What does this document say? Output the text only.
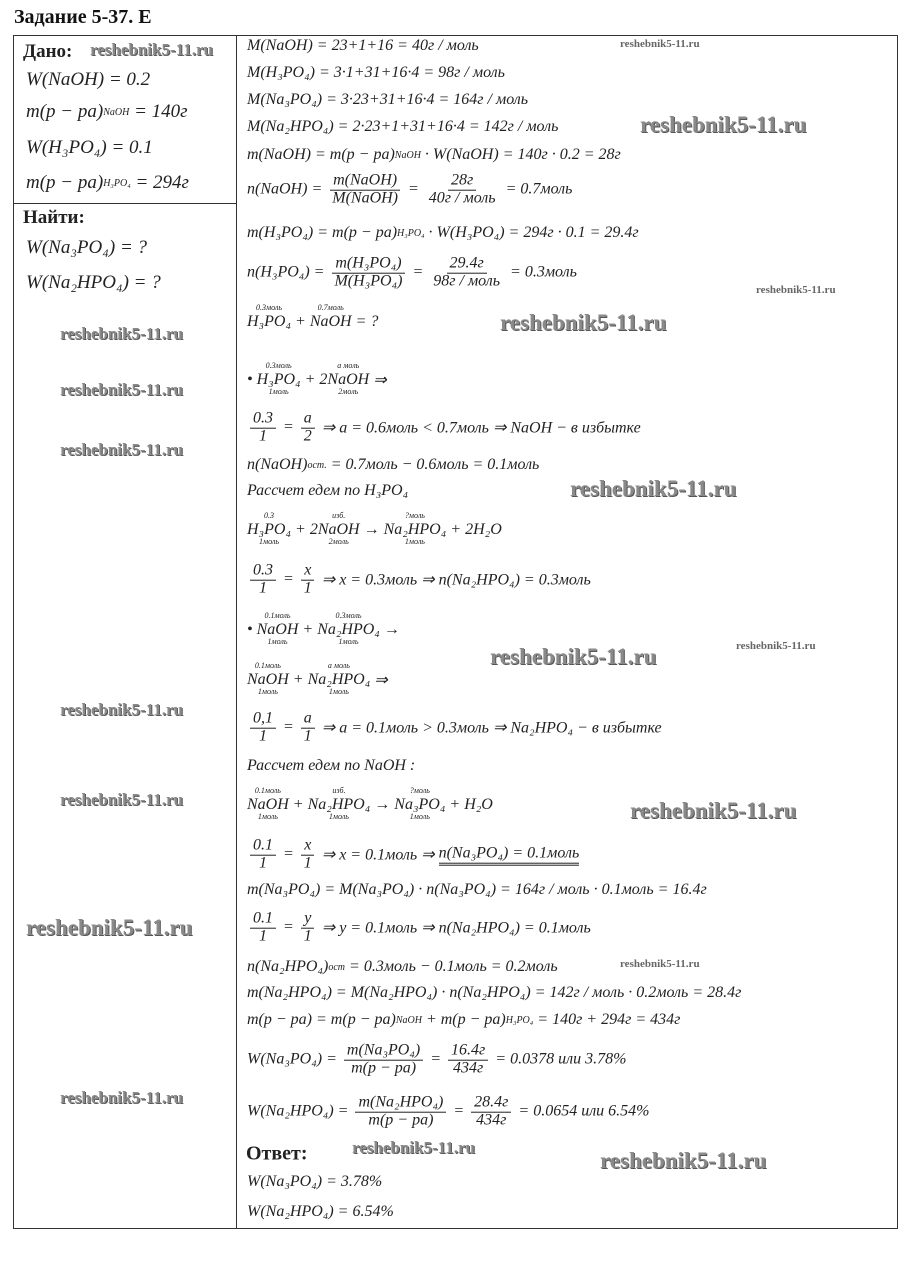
Задание 5-37. Е
Дано:
Найти:
W(NaOH) = 0.2
m(р − ра) NaOH = 140г
W(H₃PO₄) = 0.1
m(р − ра) H₃PO₄ = 294г
W(Na₃PO₄) = ?
W(Na₂HPO₄) = ?
Ответ:
M(NaOH) = 23+1+16 = 40г / моль
M(H₃PO₄) = 3·1+31+16·4 = 98г / моль
M(Na₃PO₄) = 3·23+31+16·4 = 164г / моль
M(Na₂HPO₄) = 2·23+1+31+16·4 = 142г / моль
m(NaOH) = m(р − ра) NaOH · W(NaOH) = 140г · 0.2 = 28г
n(NaOH) = $\frac{\text{m(NaOH)}}{\text{M(NaOH)}} = \frac{28г}{\text{40г / моль}}$ = 0.7моль
m(H₃PO₄) = m(р − ра) H₃PO₄ · W(H₃PO₄) = 294г · 0.1 = 29.4г
$n(H_3PO_4) = \frac{\text{m(H₃PO₄)}}{\text{M(H₃PO₄)}} = \frac{29.4г}{\text{98г / моль}}$ = 0.3моль
0.3моль
H₃PO₄ +
0.7моль
NaOH = ?
•
0.3моль
H₃PO₄
1моль
+ 2
а моль
NaOH
2моль
⇒
$\frac{0.3}{1} = \frac{a}{2}$ ⇒ a = 0.6моль < 0.7моль ⇒ NaOH − в избытке
n(NaOH) ост. = 0.7моль − 0.6моль = 0.1моль
Рассчет едем по H₃PO₄
0.3
H₃PO₄
1моль
+ 2
изб.
NaOH
2моль
→
?моль
Na₂HPO₄
1моль
+ 2H₂O
$\frac{0.3}{1} = \frac{x}{1}$ ⇒ x = 0.3моль ⇒ n(Na₂HPO₄) = 0.3моль
•
0.1моль
NaOH
1моль
+
0.3моль
Na₂HPO₄
1моль
→
0.1моль
NaOH
1моль
+
а моль
Na₂HPO₄
1моль
⇒
$\frac{0,1}{1} = \frac{a}{1}$ ⇒ a = 0.1моль > 0.3моль ⇒ Na₂HPO₄ − в избытке
Рассчет едем по NaOH :
0.1моль
NaOH
1моль
+
изб.
Na₂HPO₄
1моль
→
?моль
Na₃PO₄
1моль
+ H₂O
$\frac{0.1}{1} = \frac{x}{1}$ ⇒ x = 0.1моль ⇒ n(Na₃PO₄) = 0.1моль
m(Na₃PO₄) = M(Na₃PO₄) · n(Na₃PO₄) = 164г / моль · 0.1моль = 16.4г
$\frac{0.1}{1} = \frac{y}{1}$ ⇒ y = 0.1моль ⇒ n(Na₂HPO₄) = 0.1моль
n(Na₂HPO₄) ост = 0.3моль − 0.1моль = 0.2моль
m(Na₂HPO₄) = M(Na₂HPO₄) · n(Na₂HPO₄) = 142г / моль · 0.2моль = 28.4г
m(р − ра) = m(р − ра) NaOH + m(р − ра) H₃PO₄ = 140г + 294г = 434г
$W(Na_3PO_4) = \frac{\text{m(Na₃PO₄)}}{m(р - ра)} = \frac{16.4г}{434г} = 0.0378$ или 3.78%
$W(Na_2HPO_4) = \frac{\text{m(Na₂HPO₄)}}{m(р - ра)} = \frac{28.4г}{434г} = 0.0654$ или 6.54%
W(Na₃PO₄) = 3.78%
W(Na₂HPO₄) = 6.54%
reshebnik5-11.ru	reshebnik5-11.ru
reshebnik5-11.ru
reshebnik5-11.ru
reshebnik5-11.ru
reshebnik5-11.ru	reshebnik5-11.ru
reshebnik5-11.ru
reshebnik5-11.ru
reshebnik5-11.ru
reshebnik5-11.ru
reshebnik5-11.ru
reshebnik5-11.ru	reshebnik5-11.ru
reshebnik5-11.ru
reshebnik5-11.ru
reshebnik5-11.ru
reshebnik5-11.ru
reshebnik5-11.ru
